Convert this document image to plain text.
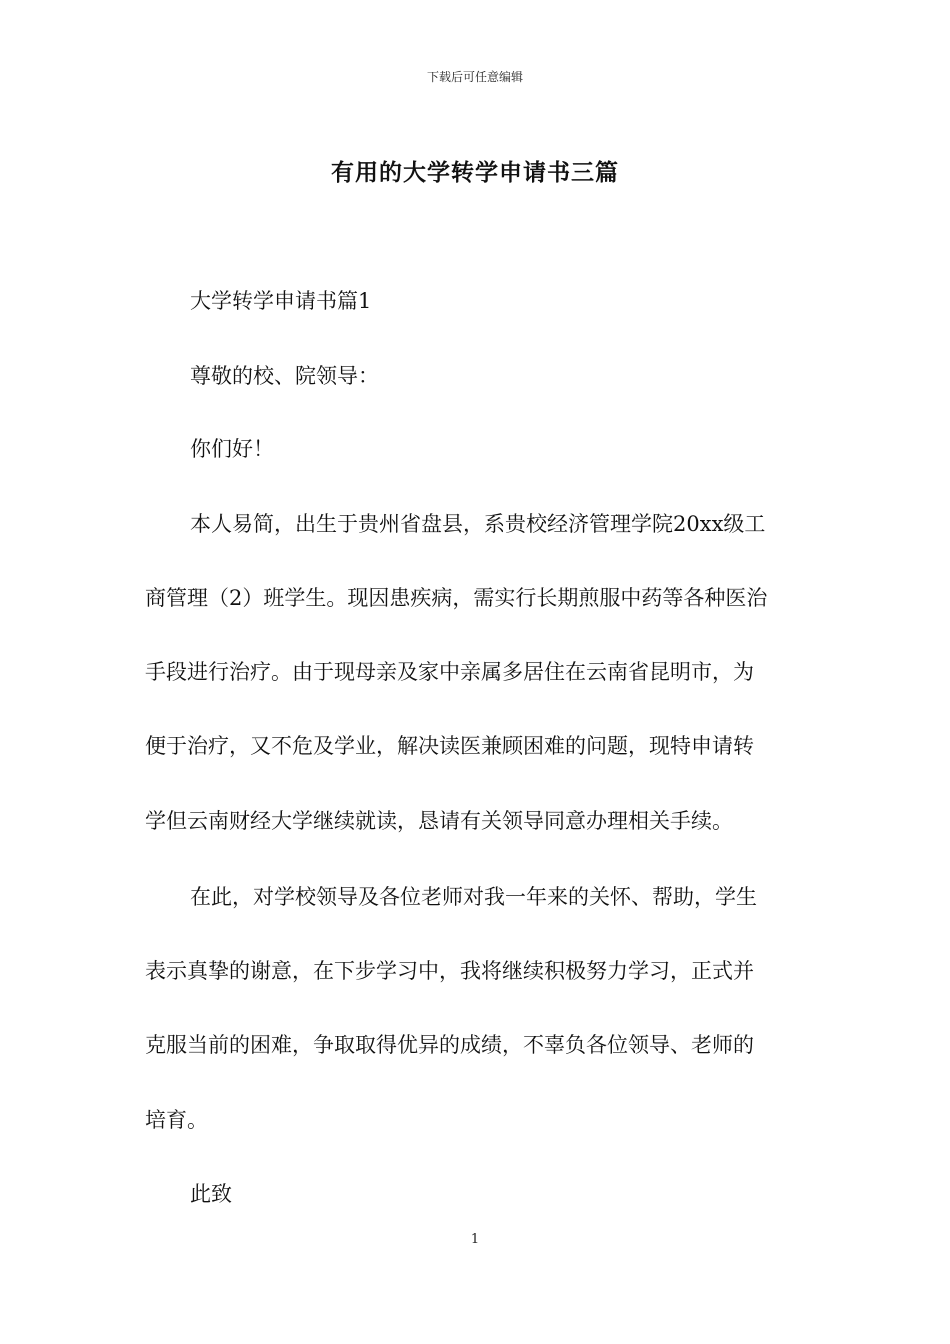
下载后可任意编辑
有用的大学转学申请书三篇
大学转学申请书篇1
尊敬的校、院领导：
你们好！
本人易简，出生于贵州省盘县，系贵校经济管理学院20xx级工
商管理（2）班学生。现因患疾病，需实行长期煎服中药等各种医治
手段进行治疗。由于现母亲及家中亲属多居住在云南省昆明市，为
便于治疗，又不危及学业，解决读医兼顾困难的问题，现特申请转
学但云南财经大学继续就读，恳请有关领导同意办理相关手续。
在此，对学校领导及各位老师对我一年来的关怀、帮助，学生
表示真挚的谢意，在下步学习中，我将继续积极努力学习，正式并
克服当前的困难，争取取得优异的成绩，不辜负各位领导、老师的
培育。
此致
1
